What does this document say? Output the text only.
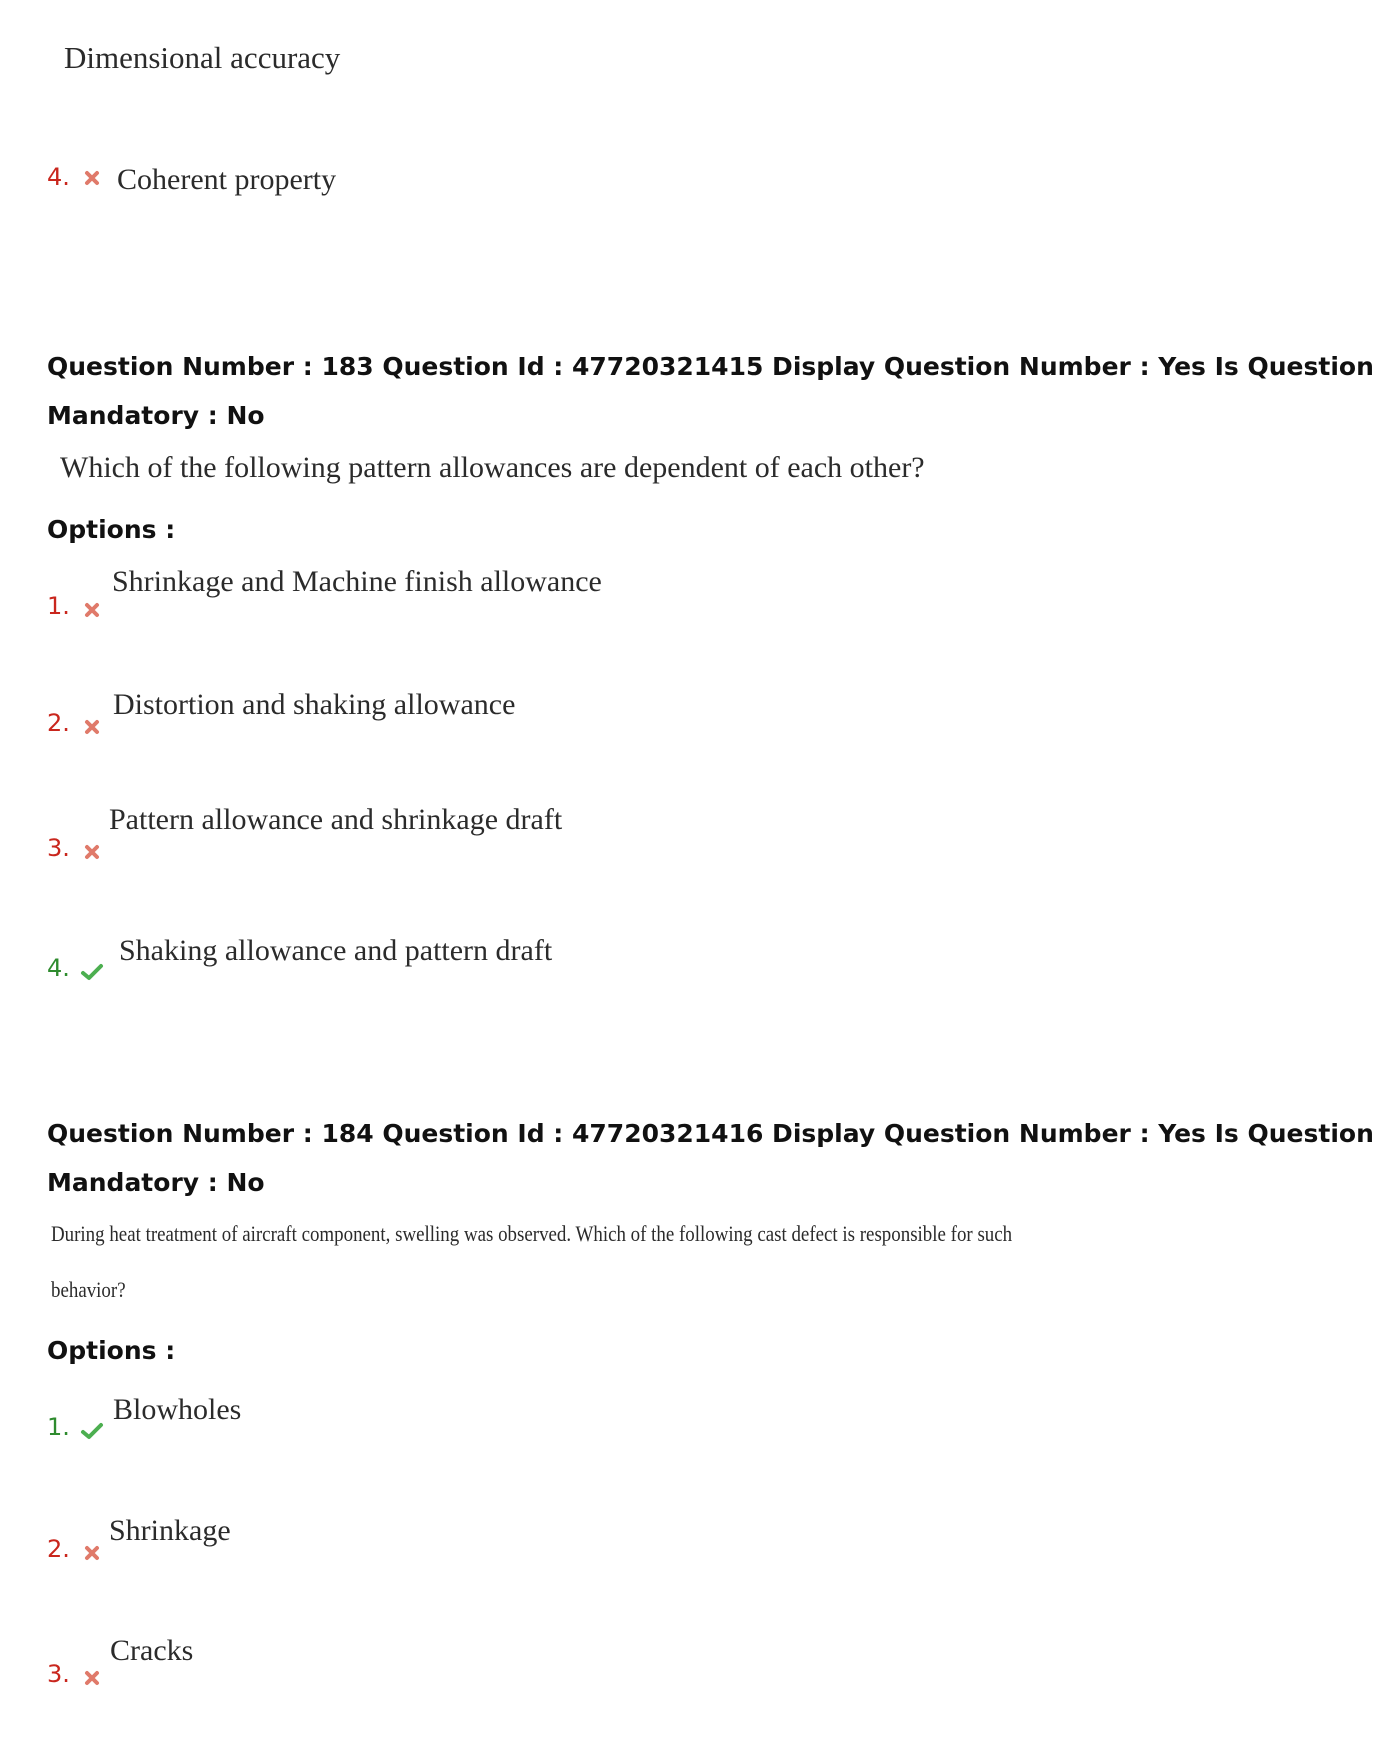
Dimensional accuracy
4.	Coherent property
Question Number : 183 Question Id : 47720321415 Display Question Number : Yes Is Question
Mandatory : No
Which of the following pattern allowances are dependent of each other?
Options :
1.
Shrinkage and Machine finish allowance
2.
Distortion and shaking allowance
3.
Pattern allowance and shrinkage draft
4.
Shaking allowance and pattern draft
Question Number : 184 Question Id : 47720321416 Display Question Number : Yes Is Question
Mandatory : No
During heat treatment of aircraft component, swelling was observed. Which of the following cast defect is responsible for such
behavior?
Options :
1.
Blowholes
2.
Shrinkage
3.
Cracks
